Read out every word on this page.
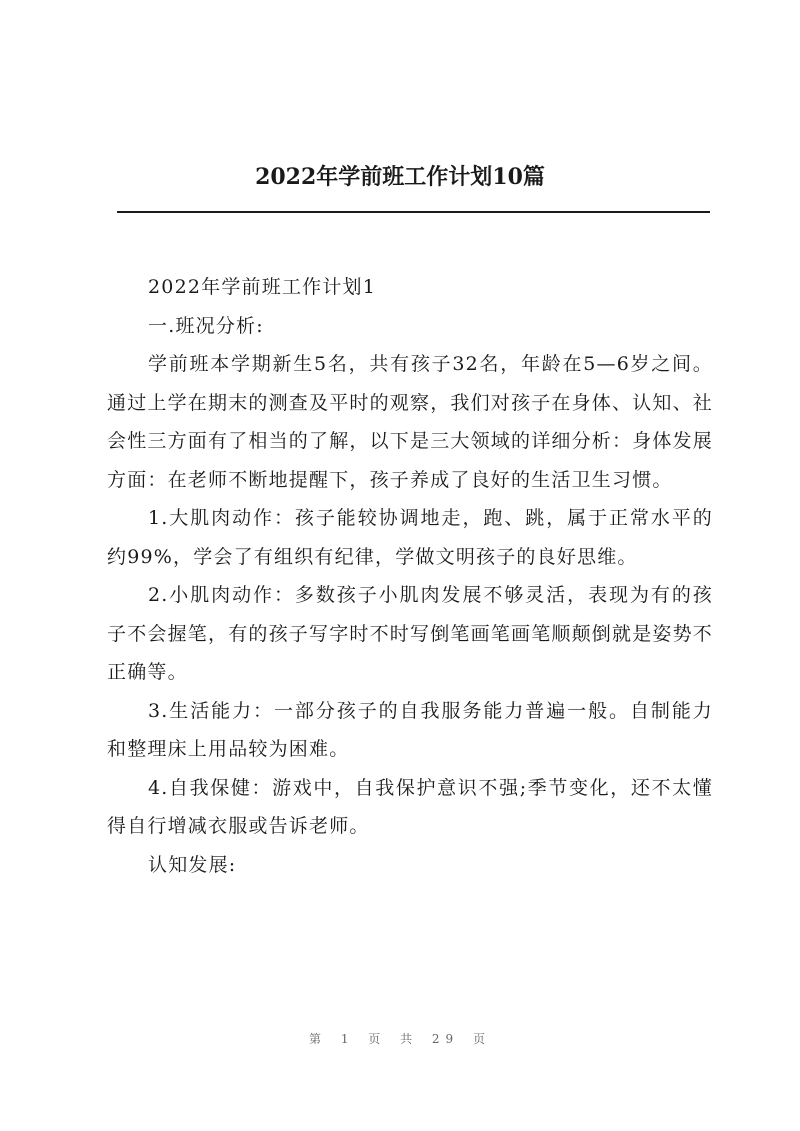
2022年学前班工作计划10篇

2022年学前班工作计划1

一.班况分析:

学前班本学期新生5名，共有孩子32名，年龄在5—6岁之间。通过上学在期末的测查及平时的观察，我们对孩子在身体、认知、社会性三方面有了相当的了解，以下是三大领域的详细分析：身体发展方面：在老师不断地提醒下，孩子养成了良好的生活卫生习惯。

1.大肌肉动作：孩子能较协调地走，跑、跳，属于正常水平的约99%，学会了有组织有纪律，学做文明孩子的良好思维。

2.小肌肉动作：多数孩子小肌肉发展不够灵活，表现为有的孩子不会握笔，有的孩子写字时不时写倒笔画笔画笔顺颠倒就是姿势不正确等。

3.生活能力：一部分孩子的自我服务能力普遍一般。自制能力和整理床上用品较为困难。

4.自我保健：游戏中，自我保护意识不强;季节变化，还不太懂得自行增减衣服或告诉老师。

认知发展:

第 1 页 共 29 页
